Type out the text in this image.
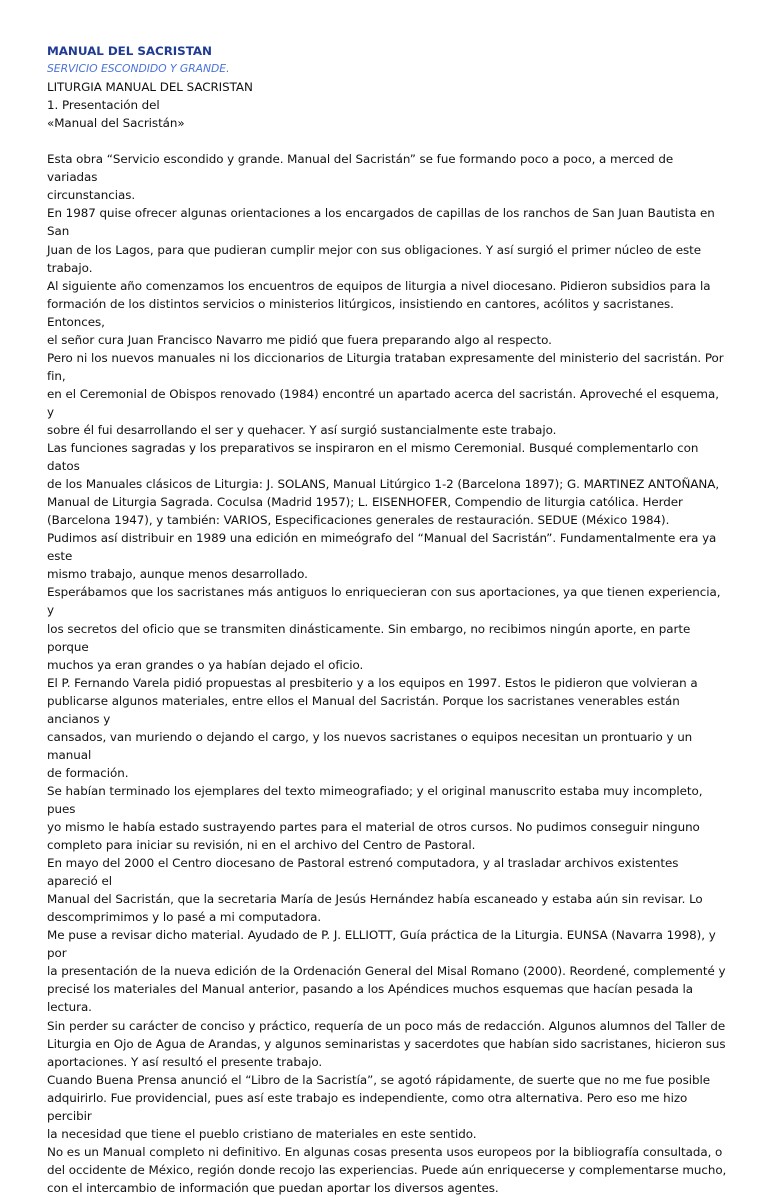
MANUAL DEL SACRISTAN
SERVICIO ESCONDIDO Y GRANDE.
LITURGIA MANUAL DEL SACRISTAN
1. Presentación del
«Manual del Sacristán»
Esta obra “Servicio escondido y grande. Manual del Sacristán” se fue formando poco a poco, a merced de variadas
circunstancias.
En 1987 quise ofrecer algunas orientaciones a los encargados de capillas de los ranchos de San Juan Bautista en San
Juan de los Lagos, para que pudieran cumplir mejor con sus obligaciones. Y así surgió el primer núcleo de este
trabajo.
Al siguiente año comenzamos los encuentros de equipos de liturgia a nivel diocesano. Pidieron subsidios para la
formación de los distintos servicios o ministerios litúrgicos, insistiendo en cantores, acólitos y sacristanes. Entonces,
el señor cura Juan Francisco Navarro me pidió que fuera preparando algo al respecto.
Pero ni los nuevos manuales ni los diccionarios de Liturgia trataban expresamente del ministerio del sacristán. Por fin,
en el Ceremonial de Obispos renovado (1984) encontré un apartado acerca del sacristán. Aproveché el esquema, y
sobre él fui desarrollando el ser y quehacer. Y así surgió sustancialmente este trabajo.
Las funciones sagradas y los preparativos se inspiraron en el mismo Ceremonial. Busqué complementarlo con datos
de los Manuales clásicos de Liturgia: J. SOLANS, Manual Litúrgico 1-2 (Barcelona 1897); G. MARTINEZ ANTOÑANA,
Manual de Liturgia Sagrada. Coculsa (Madrid 1957); L. EISENHOFER, Compendio de liturgia católica. Herder
(Barcelona 1947), y también: VARIOS, Especificaciones generales de restauración. SEDUE (México 1984).
Pudimos así distribuir en 1989 una edición en mimeógrafo del “Manual del Sacristán”. Fundamentalmente era ya este
mismo trabajo, aunque menos desarrollado.
Esperábamos que los sacristanes más antiguos lo enriquecieran con sus aportaciones, ya que tienen experiencia, y
los secretos del oficio que se transmiten dinásticamente. Sin embargo, no recibimos ningún aporte, en parte porque
muchos ya eran grandes o ya habían dejado el oficio.
El P. Fernando Varela pidió propuestas al presbiterio y a los equipos en 1997. Estos le pidieron que volvieran a
publicarse algunos materiales, entre ellos el Manual del Sacristán. Porque los sacristanes venerables están ancianos y
cansados, van muriendo o dejando el cargo, y los nuevos sacristanes o equipos necesitan un prontuario y un manual
de formación.
Se habían terminado los ejemplares del texto mimeografiado; y el original manuscrito estaba muy incompleto, pues
yo mismo le había estado sustrayendo partes para el material de otros cursos. No pudimos conseguir ninguno
completo para iniciar su revisión, ni en el archivo del Centro de Pastoral.
En mayo del 2000 el Centro diocesano de Pastoral estrenó computadora, y al trasladar archivos existentes apareció el
Manual del Sacristán, que la secretaria María de Jesús Hernández había escaneado y estaba aún sin revisar. Lo
descomprimimos y lo pasé a mi computadora.
Me puse a revisar dicho material. Ayudado de P. J. ELLIOTT, Guía práctica de la Liturgia. EUNSA (Navarra 1998), y por
la presentación de la nueva edición de la Ordenación General del Misal Romano (2000). Reordené, complementé y
precisé los materiales del Manual anterior, pasando a los Apéndices muchos esquemas que hacían pesada la lectura.
Sin perder su carácter de conciso y práctico, requería de un poco más de redacción. Algunos alumnos del Taller de
Liturgia en Ojo de Agua de Arandas, y algunos seminaristas y sacerdotes que habían sido sacristanes, hicieron sus
aportaciones. Y así resultó el presente trabajo.
Cuando Buena Prensa anunció el “Libro de la Sacristía”, se agotó rápidamente, de suerte que no me fue posible
adquirirlo. Fue providencial, pues así este trabajo es independiente, como otra alternativa. Pero eso me hizo percibir
la necesidad que tiene el pueblo cristiano de materiales en este sentido.
No es un Manual completo ni definitivo. En algunas cosas presenta usos europeos por la bibliografía consultada, o
del occidente de México, región donde recojo las experiencias. Puede aún enriquecerse y complementarse mucho,
con el intercambio de información que puedan aportar los diversos agentes.
